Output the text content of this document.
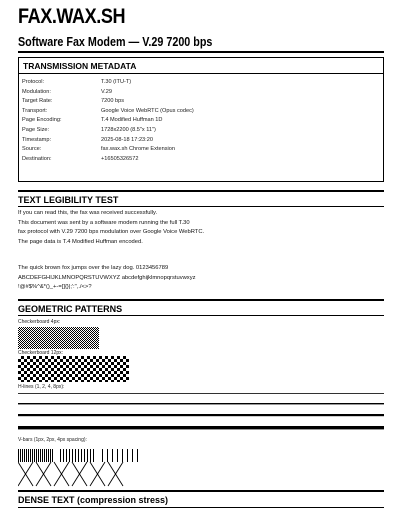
FAX.WAX.SH
Software Fax Modem — V.29 7200 bps
TRANSMISSION METADATA
Protocol:	T.30 (ITU-T)
Modulation:	V.29
Target Rate:	7200 bps
Transport:	Google Voice WebRTC (Opus codec)
Page Encoding:	T.4 Modified Huffman 1D
Page Size:	1728x2200 (8.5"x 11")
Timestamp:	2025-08-18 17:23:20
Source:	fax.wax.sh Chrome Extension
Destination:	+16505326572
TEXT LEGIBILITY TEST
If you can read this, the fax was received successfully.
This document was sent by a software modem running the full T.30
fax protocol with V.29 7200 bps modulation over Google Voice WebRTC.
The page data is T.4 Modified Huffman encoded.
The quick brown fox jumps over the lazy dog. 0123456789
ABCDEFGHIJKLMNOPQRSTUVWXYZ abcdefghijklmnopqrstuvwxyz
!@#$%^&*()_+-=[]{}|;':",./<>?
GEOMETRIC PATTERNS
Checkerboard 4px:
Checkerboard 12px:
H-lines (1, 2, 4, 8px):
V-bars (1px, 2px, 4px spacing):
DENSE TEXT (compression stress)
